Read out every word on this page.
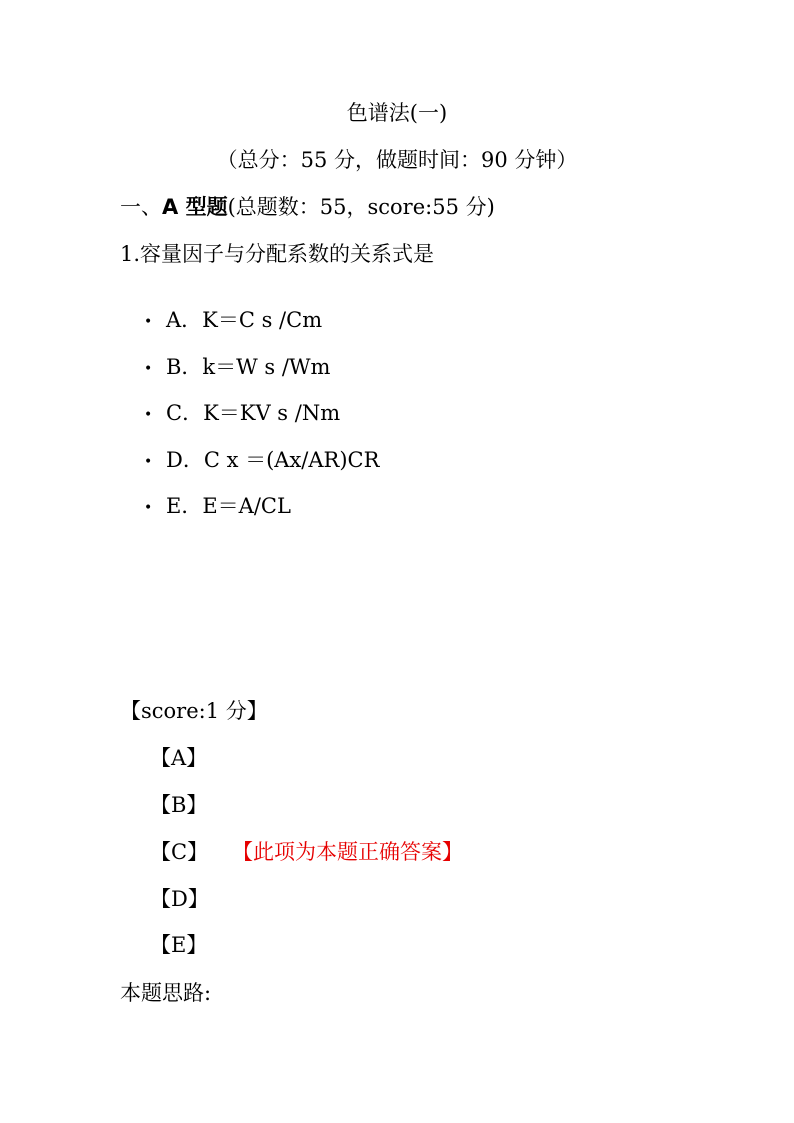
色谱法(一)
（总分：55 分，做题时间：90 分钟）
一、A 型题(总题数：55，score:55 分)
1.容量因子与分配系数的关系式是
• A．K＝C s /Cm
• B．k＝W s /Wm
• C．K＝KV s /Nm
• D．C x ＝(Ax/AR)CR
• E．E＝A/CL
【score:1 分】
【A】
【B】
【C】 【此项为本题正确答案】
【D】
【E】
本题思路:
